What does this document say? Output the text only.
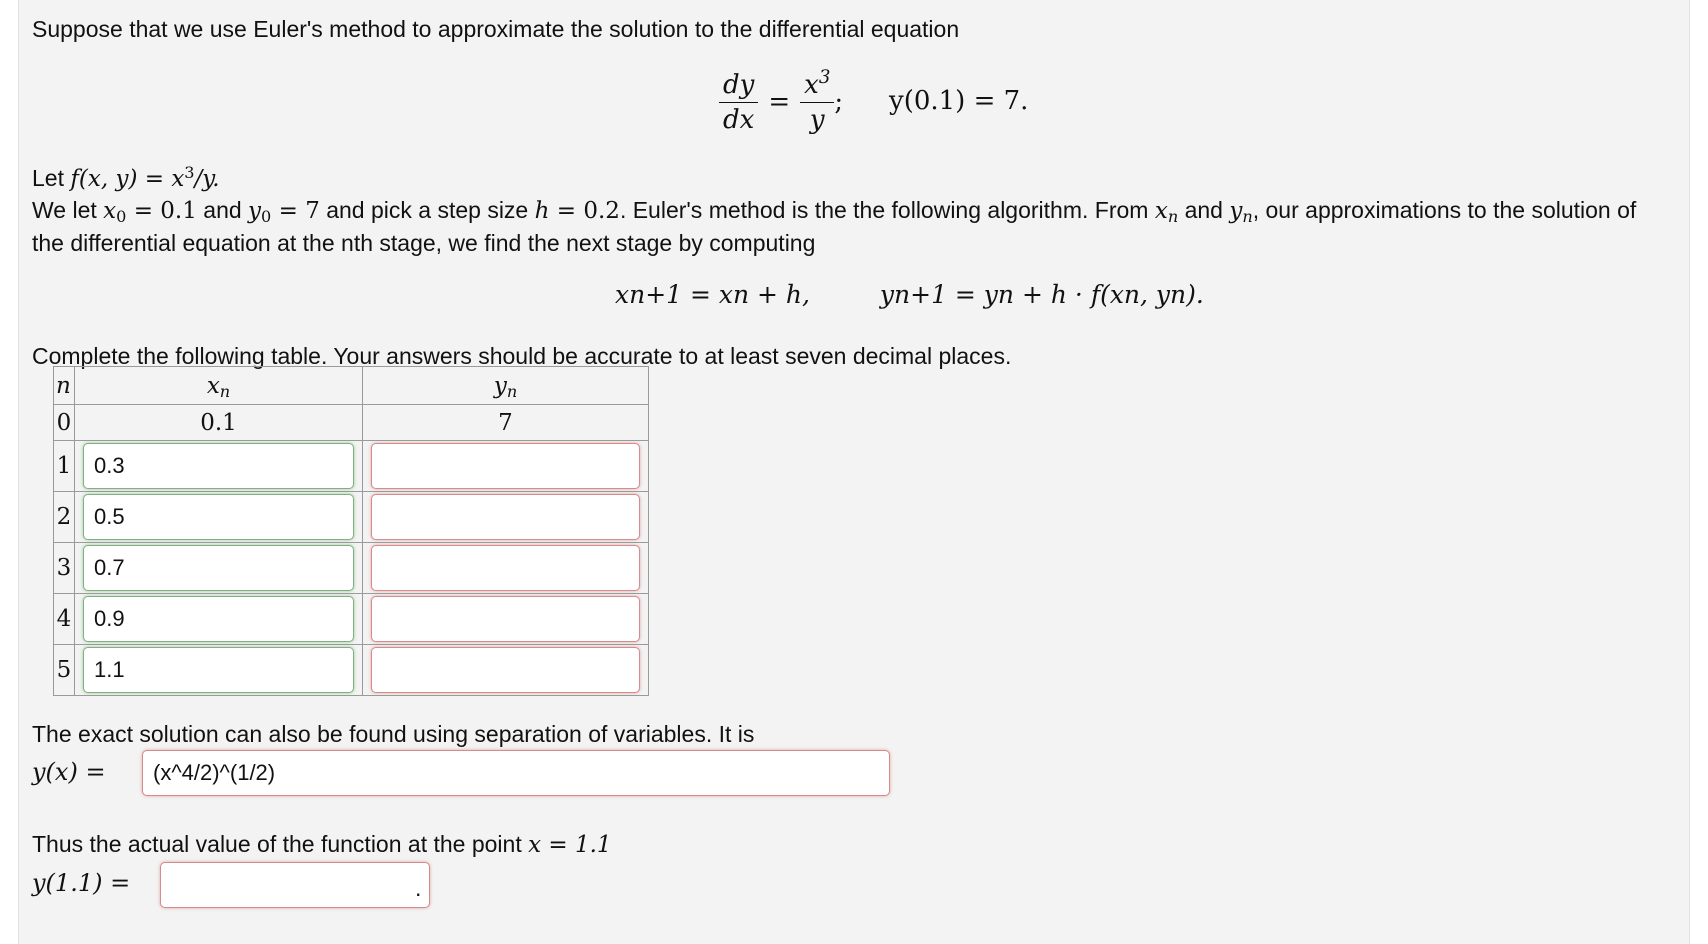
Suppose that we use Euler's method to approximate the solution to the differential equation
$\frac{dy}{dx} = \frac{x^3}{y}$ ; y(0.1) = 7.
Let f(x, $y) = x^3/y$.
We let $x_0 = 0.1$ and $y_0 = 7$ and pick a step size h = 0.2. Euler's method is the the following algorithm. From $x_n$ and $y_n$, our approximations to the solution of
the differential equation at the nth stage, we find the next stage by computing
xn+1 = xn + h,	yn+1 = yn + h · f(xn, yn).
Complete the following table. Your answers should be accurate to at least seven decimal places.
n	$x_n$	$y_n$
0	0.1	7
1	0.3	

2	0.5	

3	0.7	

4	0.9	

5	1.1	

The exact solution can also be found using separation of variables. It is
y(x) =	(x^4/2)^(1/2)
Thus the actual value of the function at the point x = 1.1
y(1.1) =	.
